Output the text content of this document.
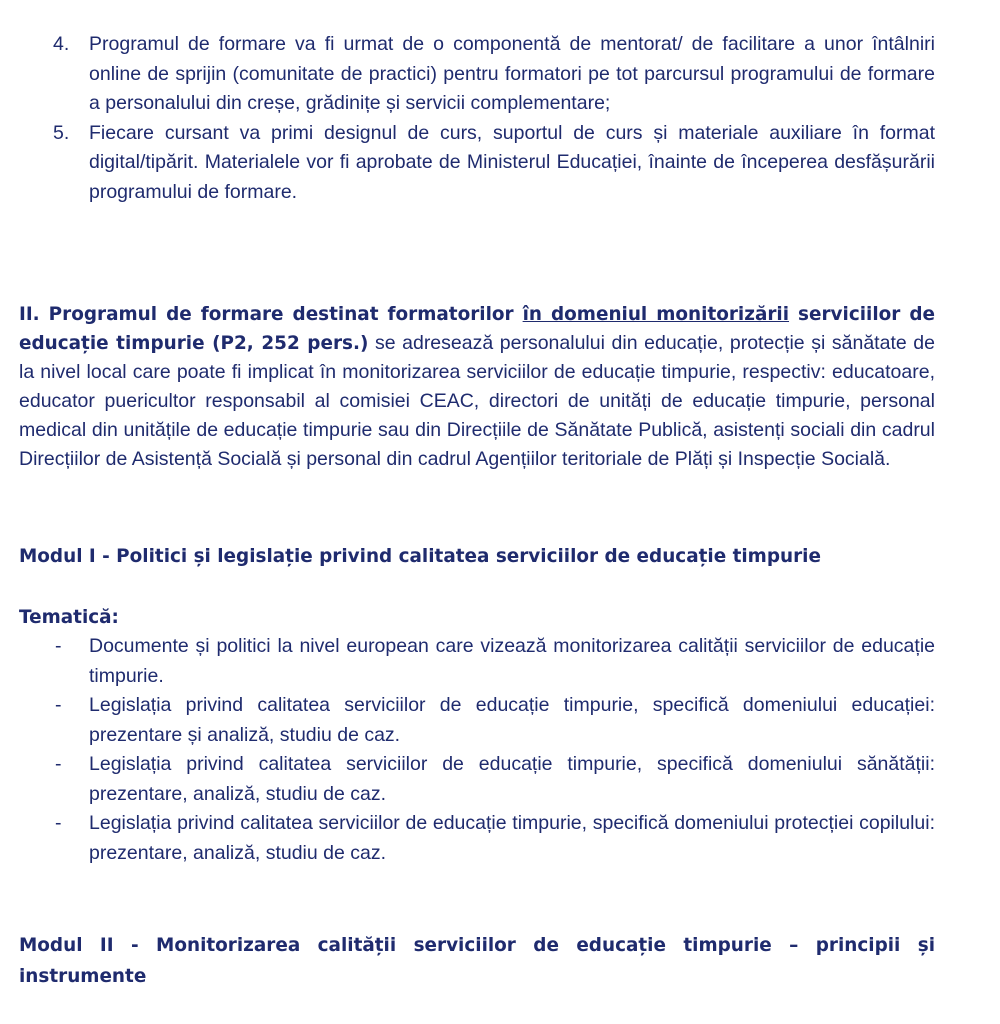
4. Programul de formare va fi urmat de o componentă de mentorat/ de facilitare a unor întâlniri online de sprijin (comunitate de practici) pentru formatori pe tot parcursul programului de formare a personalului din creșe, grădinițe și servicii complementare;
5. Fiecare cursant va primi designul de curs, suportul de curs și materiale auxiliare în format digital/tipărit. Materialele vor fi aprobate de Ministerul Educației, înainte de începerea desfășurării programului de formare.

II. Programul de formare destinat formatorilor în domeniul monitorizării serviciilor de educație timpurie (P2, 252 pers.) se adresează personalului din educație, protecție și sănătate de la nivel local care poate fi implicat în monitorizarea serviciilor de educație timpurie, respectiv: educatoare, educator puericultor responsabil al comisiei CEAC, directori de unități de educație timpurie, personal medical din unitățile de educație timpurie sau din Direcțiile de Sănătate Publică, asistenți sociali din cadrul Direcțiilor de Asistență Socială și personal din cadrul Agențiilor teritoriale de Plăți și Inspecție Socială.

Modul I - Politici și legislație privind calitatea serviciilor de educație timpurie
Tematică:
- Documente și politici la nivel european care vizează monitorizarea calității serviciilor de educație timpurie.
- Legislația privind calitatea serviciilor de educație timpurie, specifică domeniului educației: prezentare și analiză, studiu de caz.
- Legislația privind calitatea serviciilor de educație timpurie, specifică domeniului sănătății: prezentare, analiză, studiu de caz.
- Legislația privind calitatea serviciilor de educație timpurie, specifică domeniului protecției copilului: prezentare, analiză, studiu de caz.
Modul II - Monitorizarea calității serviciilor de educație timpurie – principii și instrumente
